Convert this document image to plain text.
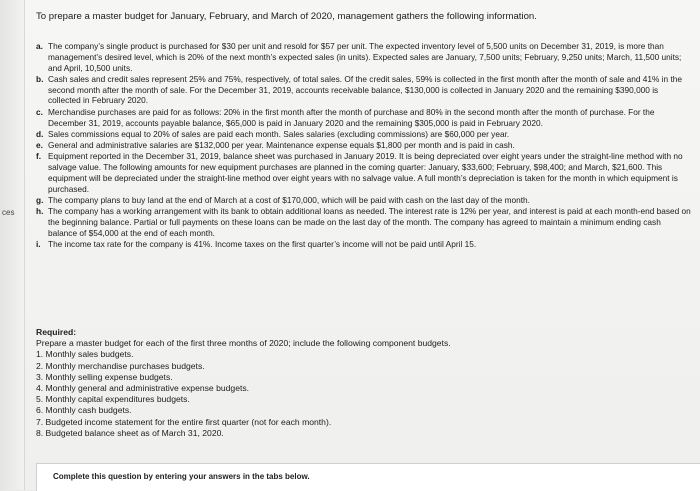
ces
To prepare a master budget for January, February, and March of 2020, management gathers the following information.
a. The company’s single product is purchased for $30 per unit and resold for $57 per unit. The expected inventory level of 5,500 units on December 31, 2019, is more than management’s desired level, which is 20% of the next month’s expected sales (in units). Expected sales are January, 7,500 units; February, 9,250 units; March, 11,500 units; and April, 10,500 units.
b. Cash sales and credit sales represent 25% and 75%, respectively, of total sales. Of the credit sales, 59% is collected in the first month after the month of sale and 41% in the second month after the month of sale. For the December 31, 2019, accounts receivable balance, $130,000 is collected in January 2020 and the remaining $390,000 is collected in February 2020.
c. Merchandise purchases are paid for as follows: 20% in the first month after the month of purchase and 80% in the second month after the month of purchase. For the December 31, 2019, accounts payable balance, $65,000 is paid in January 2020 and the remaining $305,000 is paid in February 2020.
d. Sales commissions equal to 20% of sales are paid each month. Sales salaries (excluding commissions) are $60,000 per year.
e. General and administrative salaries are $132,000 per year. Maintenance expense equals $1,800 per month and is paid in cash.
f. Equipment reported in the December 31, 2019, balance sheet was purchased in January 2019. It is being depreciated over eight years under the straight-line method with no salvage value. The following amounts for new equipment purchases are planned in the coming quarter: January, $33,600; February, $98,400; and March, $21,600. This equipment will be depreciated under the straight-line method over eight years with no salvage value. A full month’s depreciation is taken for the month in which equipment is purchased.
g. The company plans to buy land at the end of March at a cost of $170,000, which will be paid with cash on the last day of the month.
h. The company has a working arrangement with its bank to obtain additional loans as needed. The interest rate is 12% per year, and interest is paid at each month-end based on the beginning balance. Partial or full payments on these loans can be made on the last day of the month. The company has agreed to maintain a minimum ending cash balance of $54,000 at the end of each month.
i. The income tax rate for the company is 41%. Income taxes on the first quarter’s income will not be paid until April 15.
Required:
Prepare a master budget for each of the first three months of 2020; include the following component budgets.
1. Monthly sales budgets.
2. Monthly merchandise purchases budgets.
3. Monthly selling expense budgets.
4. Monthly general and administrative expense budgets.
5. Monthly capital expenditures budgets.
6. Monthly cash budgets.
7. Budgeted income statement for the entire first quarter (not for each month).
8. Budgeted balance sheet as of March 31, 2020.
Complete this question by entering your answers in the tabs below.
